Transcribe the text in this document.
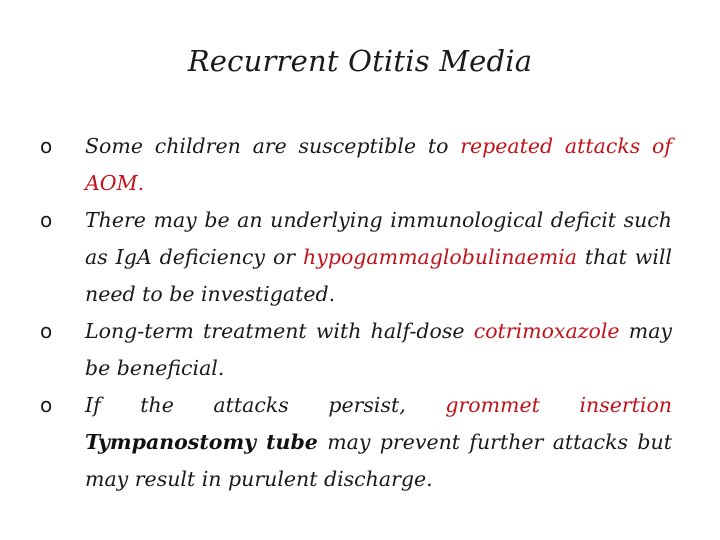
Recurrent Otitis Media
o Some children are susceptible to repeated attacks of AOM.
o There may be an underlying immunological deficit such as IgA deficiency or hypogammaglobulinaemia that will need to be investigated.
o Long-term treatment with half-dose cotrimoxazole may be beneficial.
o If the attacks persist, grommet insertion Tympanostomy tube may prevent further attacks but may result in purulent discharge.
